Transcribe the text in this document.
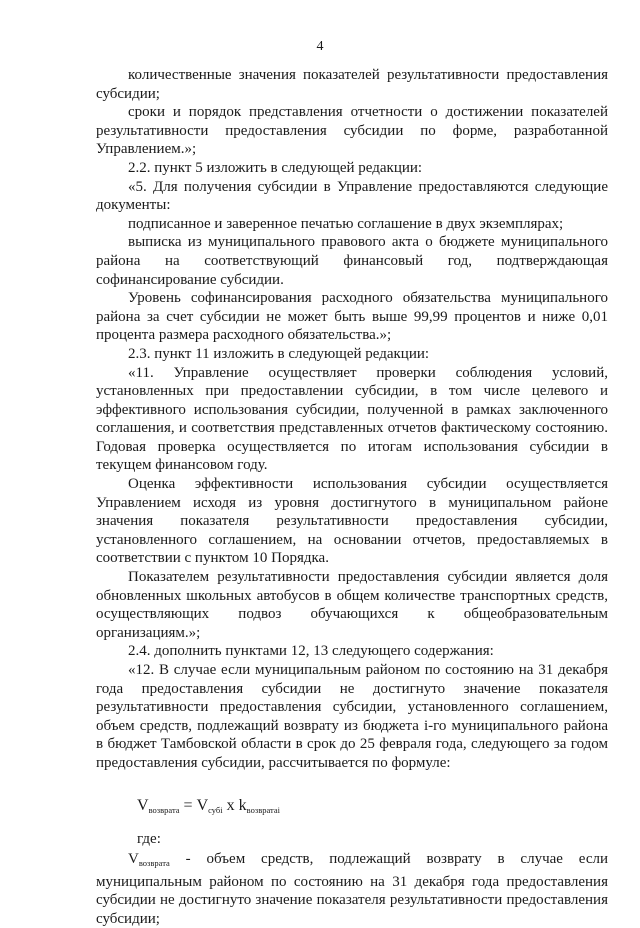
4

количественные значения показателей результативности предоставления субсидии;

сроки и порядок представления отчетности о достижении показателей результативности предоставления субсидии по форме, разработанной Управлением.»;

2.2. пункт 5 изложить в следующей редакции:

«5. Для получения субсидии в Управление предоставляются следующие документы:

подписанное и заверенное печатью соглашение в двух экземплярах;

выписка из муниципального правового акта о бюджете муниципального района на соответствующий финансовый год, подтверждающая софинансирование субсидии.

Уровень софинансирования расходного обязательства муниципального района за счет субсидии не может быть выше 99,99 процентов и ниже 0,01 процента размера расходного обязательства.»;

2.3. пункт 11 изложить в следующей редакции:

«11. Управление осуществляет проверки соблюдения условий, установленных при предоставлении субсидии, в том числе целевого и эффективного использования субсидии, полученной в рамках заключенного соглашения, и соответствия представленных отчетов фактическому состоянию. Годовая проверка осуществляется по итогам использования субсидии в текущем финансовом году.

Оценка эффективности использования субсидии осуществляется Управлением исходя из уровня достигнутого в муниципальном районе значения показателя результативности предоставления субсидии, установленного соглашением, на основании отчетов, предоставляемых в соответствии с пунктом 10 Порядка.

Показателем результативности предоставления субсидии является доля обновленных школьных автобусов в общем количестве транспортных средств, осуществляющих подвоз обучающихся к общеобразовательным организациям.»;

2.4. дополнить пунктами 12, 13 следующего содержания:

«12. В случае если муниципальным районом по состоянию на 31 декабря года предоставления субсидии не достигнуто значение показателя результативности предоставления субсидии, установленного соглашением, объем средств, подлежащий возврату из бюджета i-го муниципального района в бюджет Тамбовской области в срок до 25 февраля года, следующего за годом предоставления субсидии, рассчитывается по формуле:

$V_{возврата} = V_{субі}$ x $k_{возвратаі}$
где:

$V_{возврата}$ - объем средств, подлежащий возврату в случае если муниципальным районом по состоянию на 31 декабря года предоставления субсидии не достигнуто значение показателя результативности предоставления субсидии;
